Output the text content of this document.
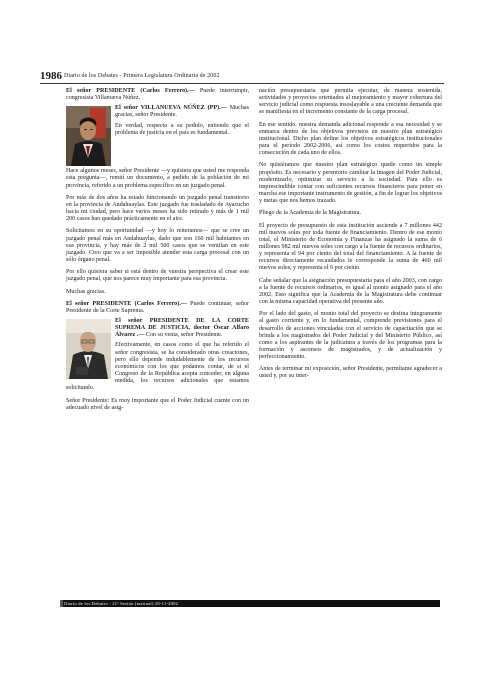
1986 Diario de los Debates - Primera Legislatura Ordinaria de 2002

El señor PRESIDENTE (Carlos Ferrero).— Puede interrumpir, congresista Villanueva Núñez.

El señor VILLANUEVA NÚÑEZ (PP).— Muchas gracias, señor Presidente.

En verdad, respecto a su pedido, entiendo que el problema de justicia en el país es fundamental.

Hace algunos meses, señor Presidente —y quisiera que usted me responda esta pregunta—, remití un documento, a pedido de la población de mi provincia, referido a un problema específico en un juzgado penal.

Por más de dos años ha estado funcionando un juzgado penal transitorio en la provincia de Andahuaylas. Este juzgado fue trasladado de Ayacucho hacia mi ciudad, pero hace varios meses ha sido retirado y más de 1 mil 200 casos han quedado prácticamente en el aire.

Solicitamos en su oportunidad —y hoy lo reiteramos— que se cree un juzgado penal más en Andahuaylas, dado que son 160 mil habitantes en esa provincia, y hay más de 2 mil 500 casos que se ventilan en este juzgado. Creo que va a ser imposible atender esta carga procesal con un sólo órgano penal.

Por ello quisiera saber si está dentro de vuestra perspectiva el crear este juzgado penal, que nos parece muy importante para esa provincia.

Muchas gracias.

El señor PRESIDENTE (Carlos Ferrero).— Puede continuar, señor Presidente de la Corte Suprema.

El señor PRESIDENTE DE LA CORTE SUPREMA DE JUSTICIA, doctor Óscar Alfaro Álvarez .— Con su venia, señor Presidente.

Efectivamente, en casos como el que ha referido el señor congresista, se ha considerado otras creaciones, pero ello depende indudablemente de los recursos económicos con los que podamos contar, de si el Congreso de la República acepta conceder, en alguna medida, los recursos adicionales que estamos solicitando.

Señor Presidente: Es muy importante que el Poder Judicial cuente con un adecuado nivel de asig-

nación presupuestaria que permita ejecutar, de manera sostenida, actividades y proyectos orientados al mejoramiento y mayor cobertura del servicio judicial como respuesta insoslayable a una creciente demanda que se manifiesta en el incremento constante de la carga procesal.

En ese sentido, nuestra demanda adicional responde a esa necesidad y se enmarca dentro de los objetivos previstos en nuestro plan estratégico institucional. Dicho plan define los objetivos estratégicos institucionales para el período 2002-2006, así como los costos requeridos para la consecución de cada uno de ellos.

No quisiéramos que nuestro plan estratégico quede como un simple propósito. Es necesario y perentorio cambiar la imagen del Poder Judicial, modernizarlo, optimizar su servicio a la sociedad. Para ello es imprescindible contar con suficientes recursos financieros para poner en marcha ese importante instrumento de gestión, a fin de lograr los objetivos y metas que nos hemos trazado.

Pliego de la Academia de la Magistratura.

El proyecto de presupuesto de esta institución asciende a 7 millones 442 mil nuevos soles por toda fuente de financiamiento. Dentro de ese monto total, el Ministerio de Economía y Finanzas ha asignado la suma de 6 millones 982 mil nuevos soles con cargo a la fuente de recursos ordinarios, y representa el 94 por ciento del total del financiamiento. A la fuente de recursos directamente recaudados le corresponde la suma de 460 mil nuevos soles, y representa el 6 por ciento.

Cabe señalar que la asignación presupuestaria para el año 2003, con cargo a la fuente de recursos ordinarios, es igual al monto asignado para el año 2002. Esto significa que la Academia de la Magistratura debe continuar con la misma capacidad operativa del presente año.

Por el lado del gasto, el monto total del proyecto se destina íntegramente al gasto corriente y, en lo fundamental, comprende previsiones para el desarrollo de acciones vinculadas con el servicio de capacitación que se brinda a los magistrados del Poder Judicial y del Ministerio Público, así como a los aspirantes de la judicatura a través de los programas para la formación y ascensos de magistrados, y de actualización y perfeccionamiento.

Antes de terminar mi exposición, señor Presidente, permítame agradecer a usted y, por su inter-

Diario de los Debates - 21ª Sesión (matinal) 28-11-2002
